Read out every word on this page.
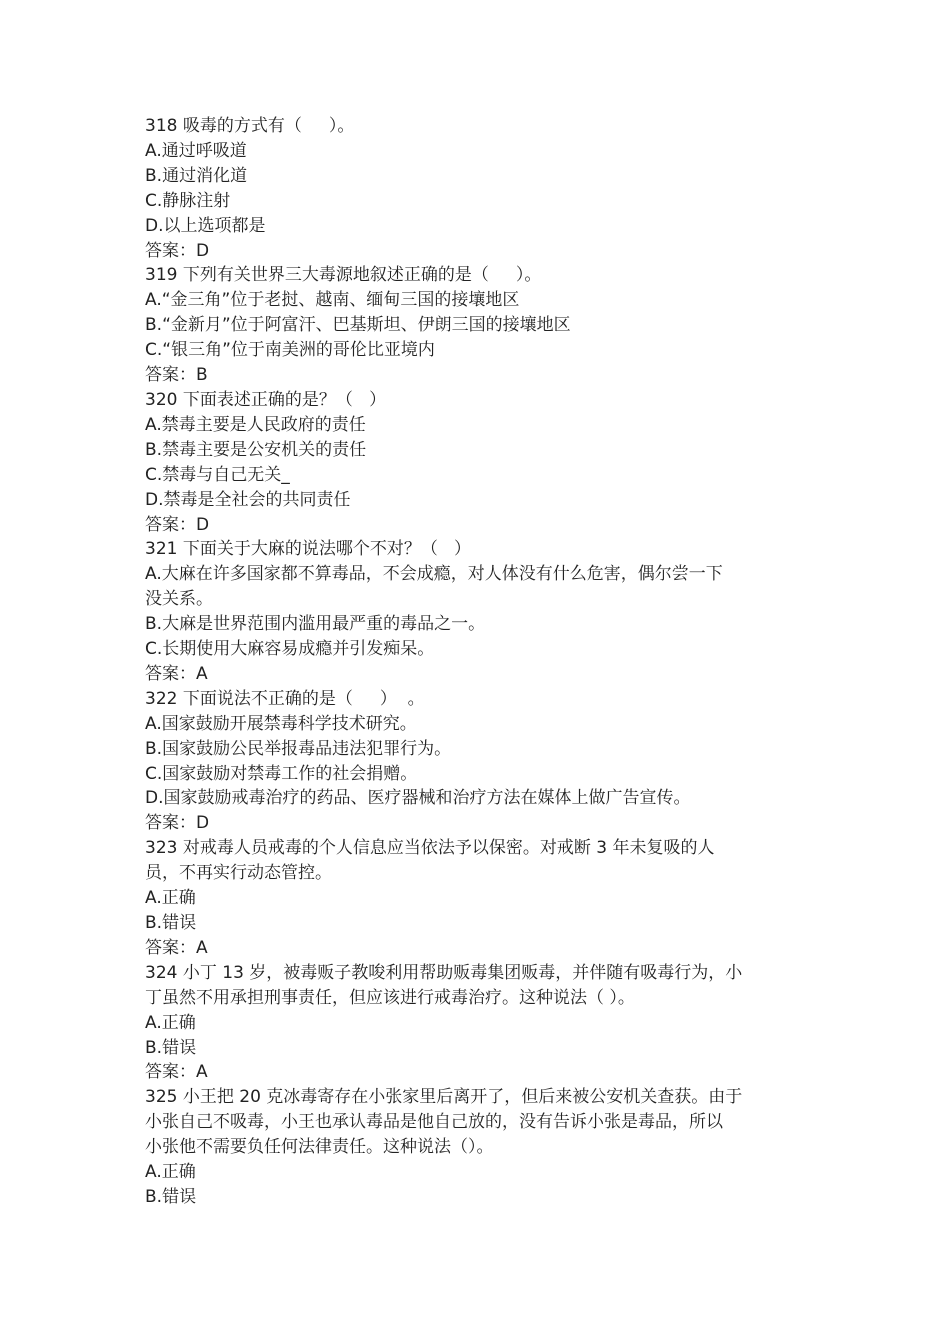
318 吸毒的方式有（     ）。
A.通过呼吸道
B.通过消化道
C.静脉注射
D.以上选项都是
答案：D
319 下列有关世界三大毒源地叙述正确的是（     ）。
A.“金三角”位于老挝、越南、缅甸三国的接壤地区
B.“金新月”位于阿富汗、巴基斯坦、伊朗三国的接壤地区
C.“银三角”位于南美洲的哥伦比亚境内
答案：B
320 下面表述正确的是？（   ）
A.禁毒主要是人民政府的责任
B.禁毒主要是公安机关的责任
C.禁毒与自己无关_
D.禁毒是全社会的共同责任
答案：D
321 下面关于大麻的说法哪个不对？（   ）
A.大麻在许多国家都不算毒品，不会成瘾，对人体没有什么危害，偶尔尝一下
没关系。
B.大麻是世界范围内滥用最严重的毒品之一。
C.长期使用大麻容易成瘾并引发痴呆。
答案：A
322 下面说法不正确的是（     ）  。
A.国家鼓励开展禁毒科学技术研究。
B.国家鼓励公民举报毒品违法犯罪行为。
C.国家鼓励对禁毒工作的社会捐赠。
D.国家鼓励戒毒治疗的药品、医疗器械和治疗方法在媒体上做广告宣传。
答案：D
323 对戒毒人员戒毒的个人信息应当依法予以保密。对戒断 3 年未复吸的人
员，不再实行动态管控。
A.正确
B.错误
答案：A
324 小丁 13 岁，被毒贩子教唆利用帮助贩毒集团贩毒，并伴随有吸毒行为，小
丁虽然不用承担刑事责任，但应该进行戒毒治疗。这种说法（ ）。
A.正确
B.错误
答案：A
325 小王把 20 克冰毒寄存在小张家里后离开了，但后来被公安机关查获。由于
小张自己不吸毒，小王也承认毒品是他自己放的，没有告诉小张是毒品，所以
小张他不需要负任何法律责任。这种说法（）。
A.正确
B.错误
